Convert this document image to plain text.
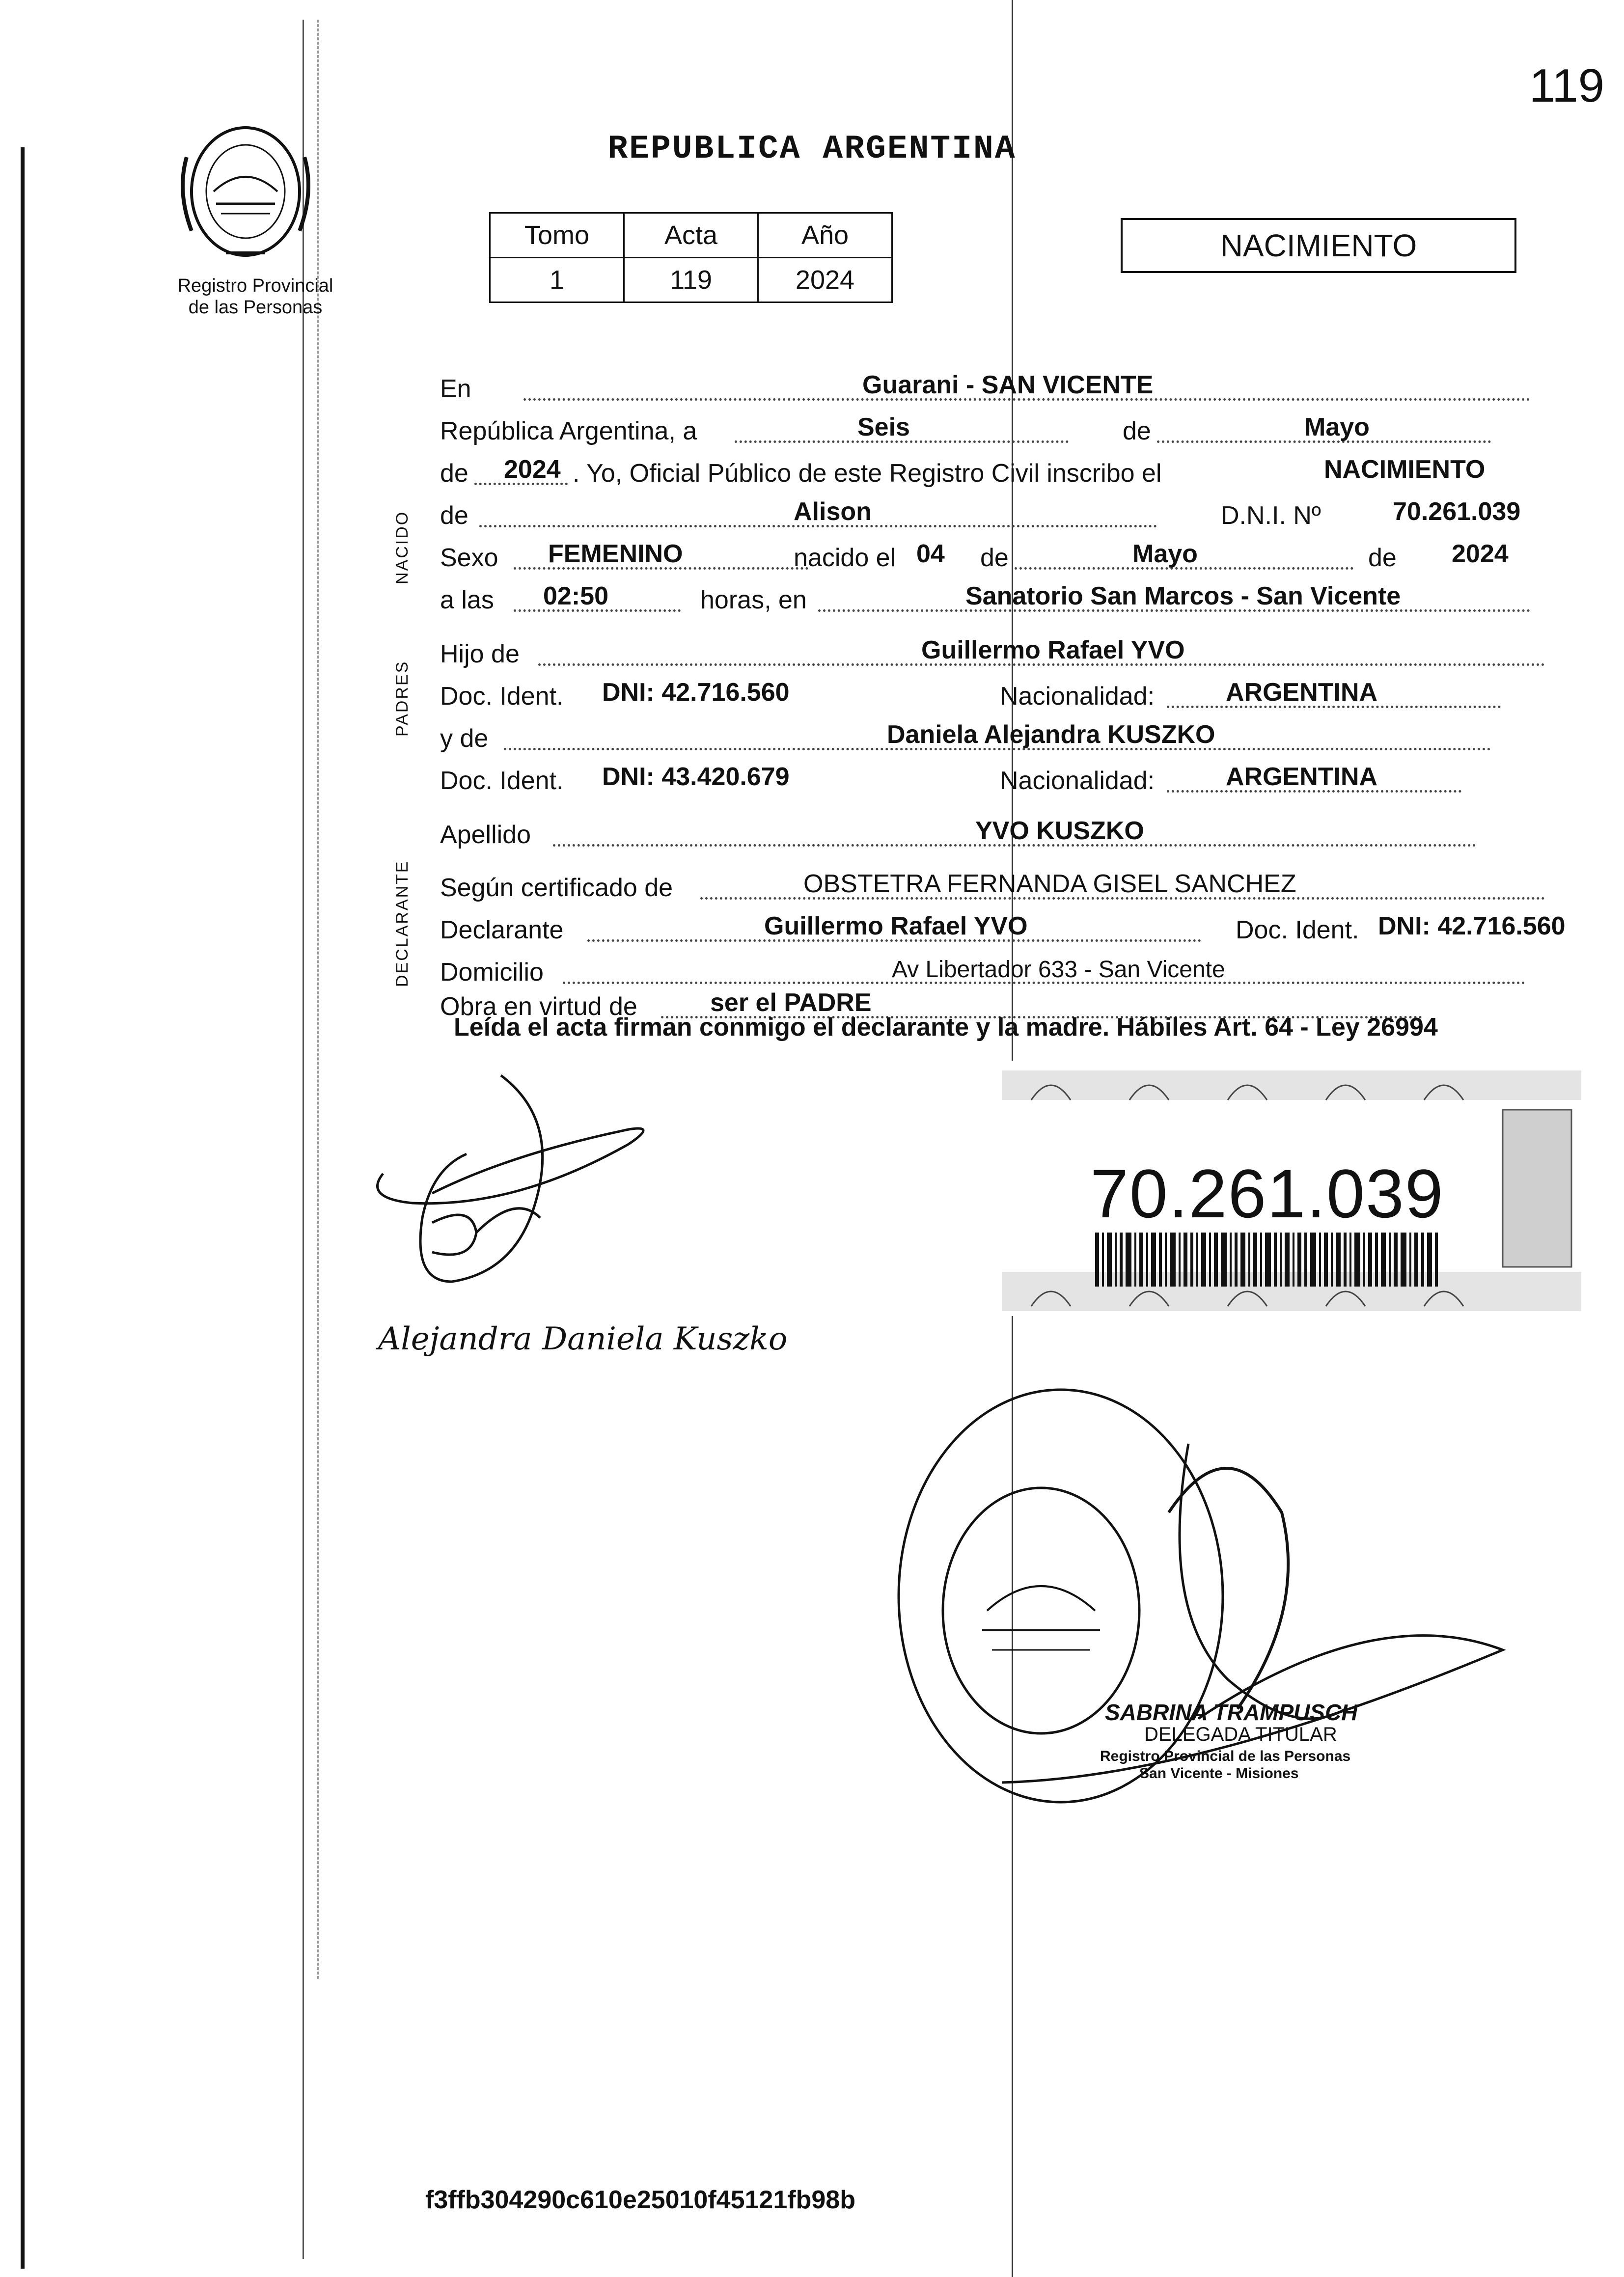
119
Registro Provincial
de las Personas
REPUBLICA ARGENTINA
Tomo	Acta	Año
1	119	2024
NACIMIENTO
NACIDO
PADRES
DECLARANTE
En	Guarani - SAN VICENTE
República Argentina, a	Seis	de	Mayo
de 2024 . Yo, Oficial Público de este Registro Civil inscribo el	NACIMIENTO
de	Alison	D.N.I. Nº	70.261.039
Sexo FEMENINO	nacido el 04 de	Mayo	de 2024
a las 02:50	horas, en	Sanatorio San Marcos - San Vicente
Hijo de	Guillermo Rafael YVO
Doc. Ident. DNI: 42.716.560	Nacionalidad:	ARGENTINA
y de	Daniela Alejandra KUSZKO
Doc. Ident. DNI: 43.420.679	Nacionalidad:	ARGENTINA
Apellido	YVO KUSZKO
Según certificado de	OBSTETRA FERNANDA GISEL SANCHEZ
Declarante	Guillermo Rafael YVO	Doc. Ident. DNI: 42.716.560
Domicilio	Av Libertador 633 - San Vicente
Obra en virtud de	ser el PADRE
Leída el acta firman conmigo el declarante y la madre. Hábiles Art. 64 - Ley 26994
Alejandra Daniela Kuszko
70.261.039
SABRINA TRAMPUSCH
DELEGADA TITULAR
Registro Provincial de las Personas
San Vicente - Misiones
f3ffb304290c610e25010f45121fb98b
